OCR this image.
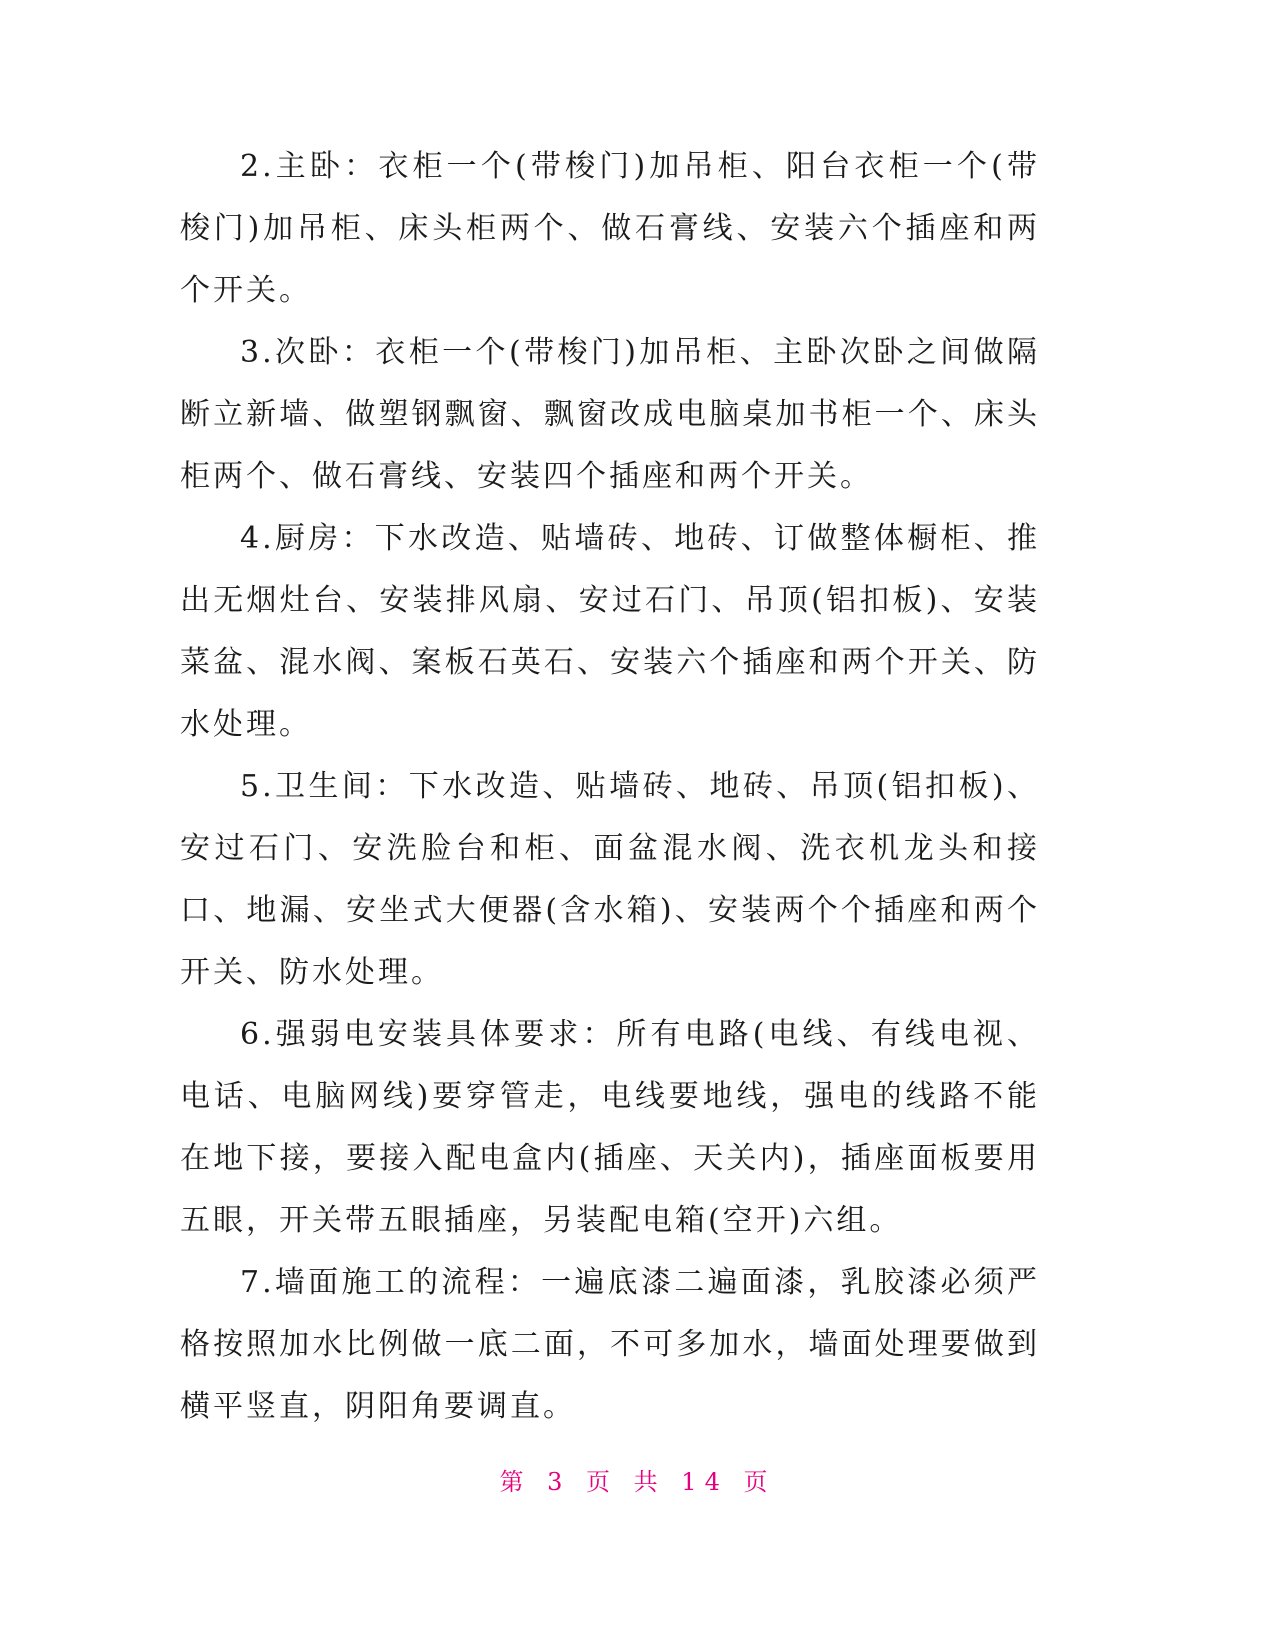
2.主卧：衣柜一个(带梭门)加吊柜、阳台衣柜一个(带梭门)加吊柜、床头柜两个、做石膏线、安装六个插座和两个开关。

3.次卧：衣柜一个(带梭门)加吊柜、主卧次卧之间做隔断立新墙、做塑钢飘窗、飘窗改成电脑桌加书柜一个、床头柜两个、做石膏线、安装四个插座和两个开关。

4.厨房：下水改造、贴墙砖、地砖、订做整体橱柜、推出无烟灶台、安装排风扇、安过石门、吊顶(铝扣板)、安装菜盆、混水阀、案板石英石、安装六个插座和两个开关、防水处理。

5.卫生间：下水改造、贴墙砖、地砖、吊顶(铝扣板)、安过石门、安洗脸台和柜、面盆混水阀、洗衣机龙头和接口、地漏、安坐式大便器(含水箱)、安装两个个插座和两个开关、防水处理。

6.强弱电安装具体要求：所有电路(电线、有线电视、电话、电脑网线)要穿管走，电线要地线，强电的线路不能在地下接，要接入配电盒内(插座、天关内)，插座面板要用五眼，开关带五眼插座，另装配电箱(空开)六组。

7.墙面施工的流程：一遍底漆二遍面漆，乳胶漆必须严格按照加水比例做一底二面，不可多加水，墙面处理要做到横平竖直，阴阳角要调直。

第 3 页 共 14 页
